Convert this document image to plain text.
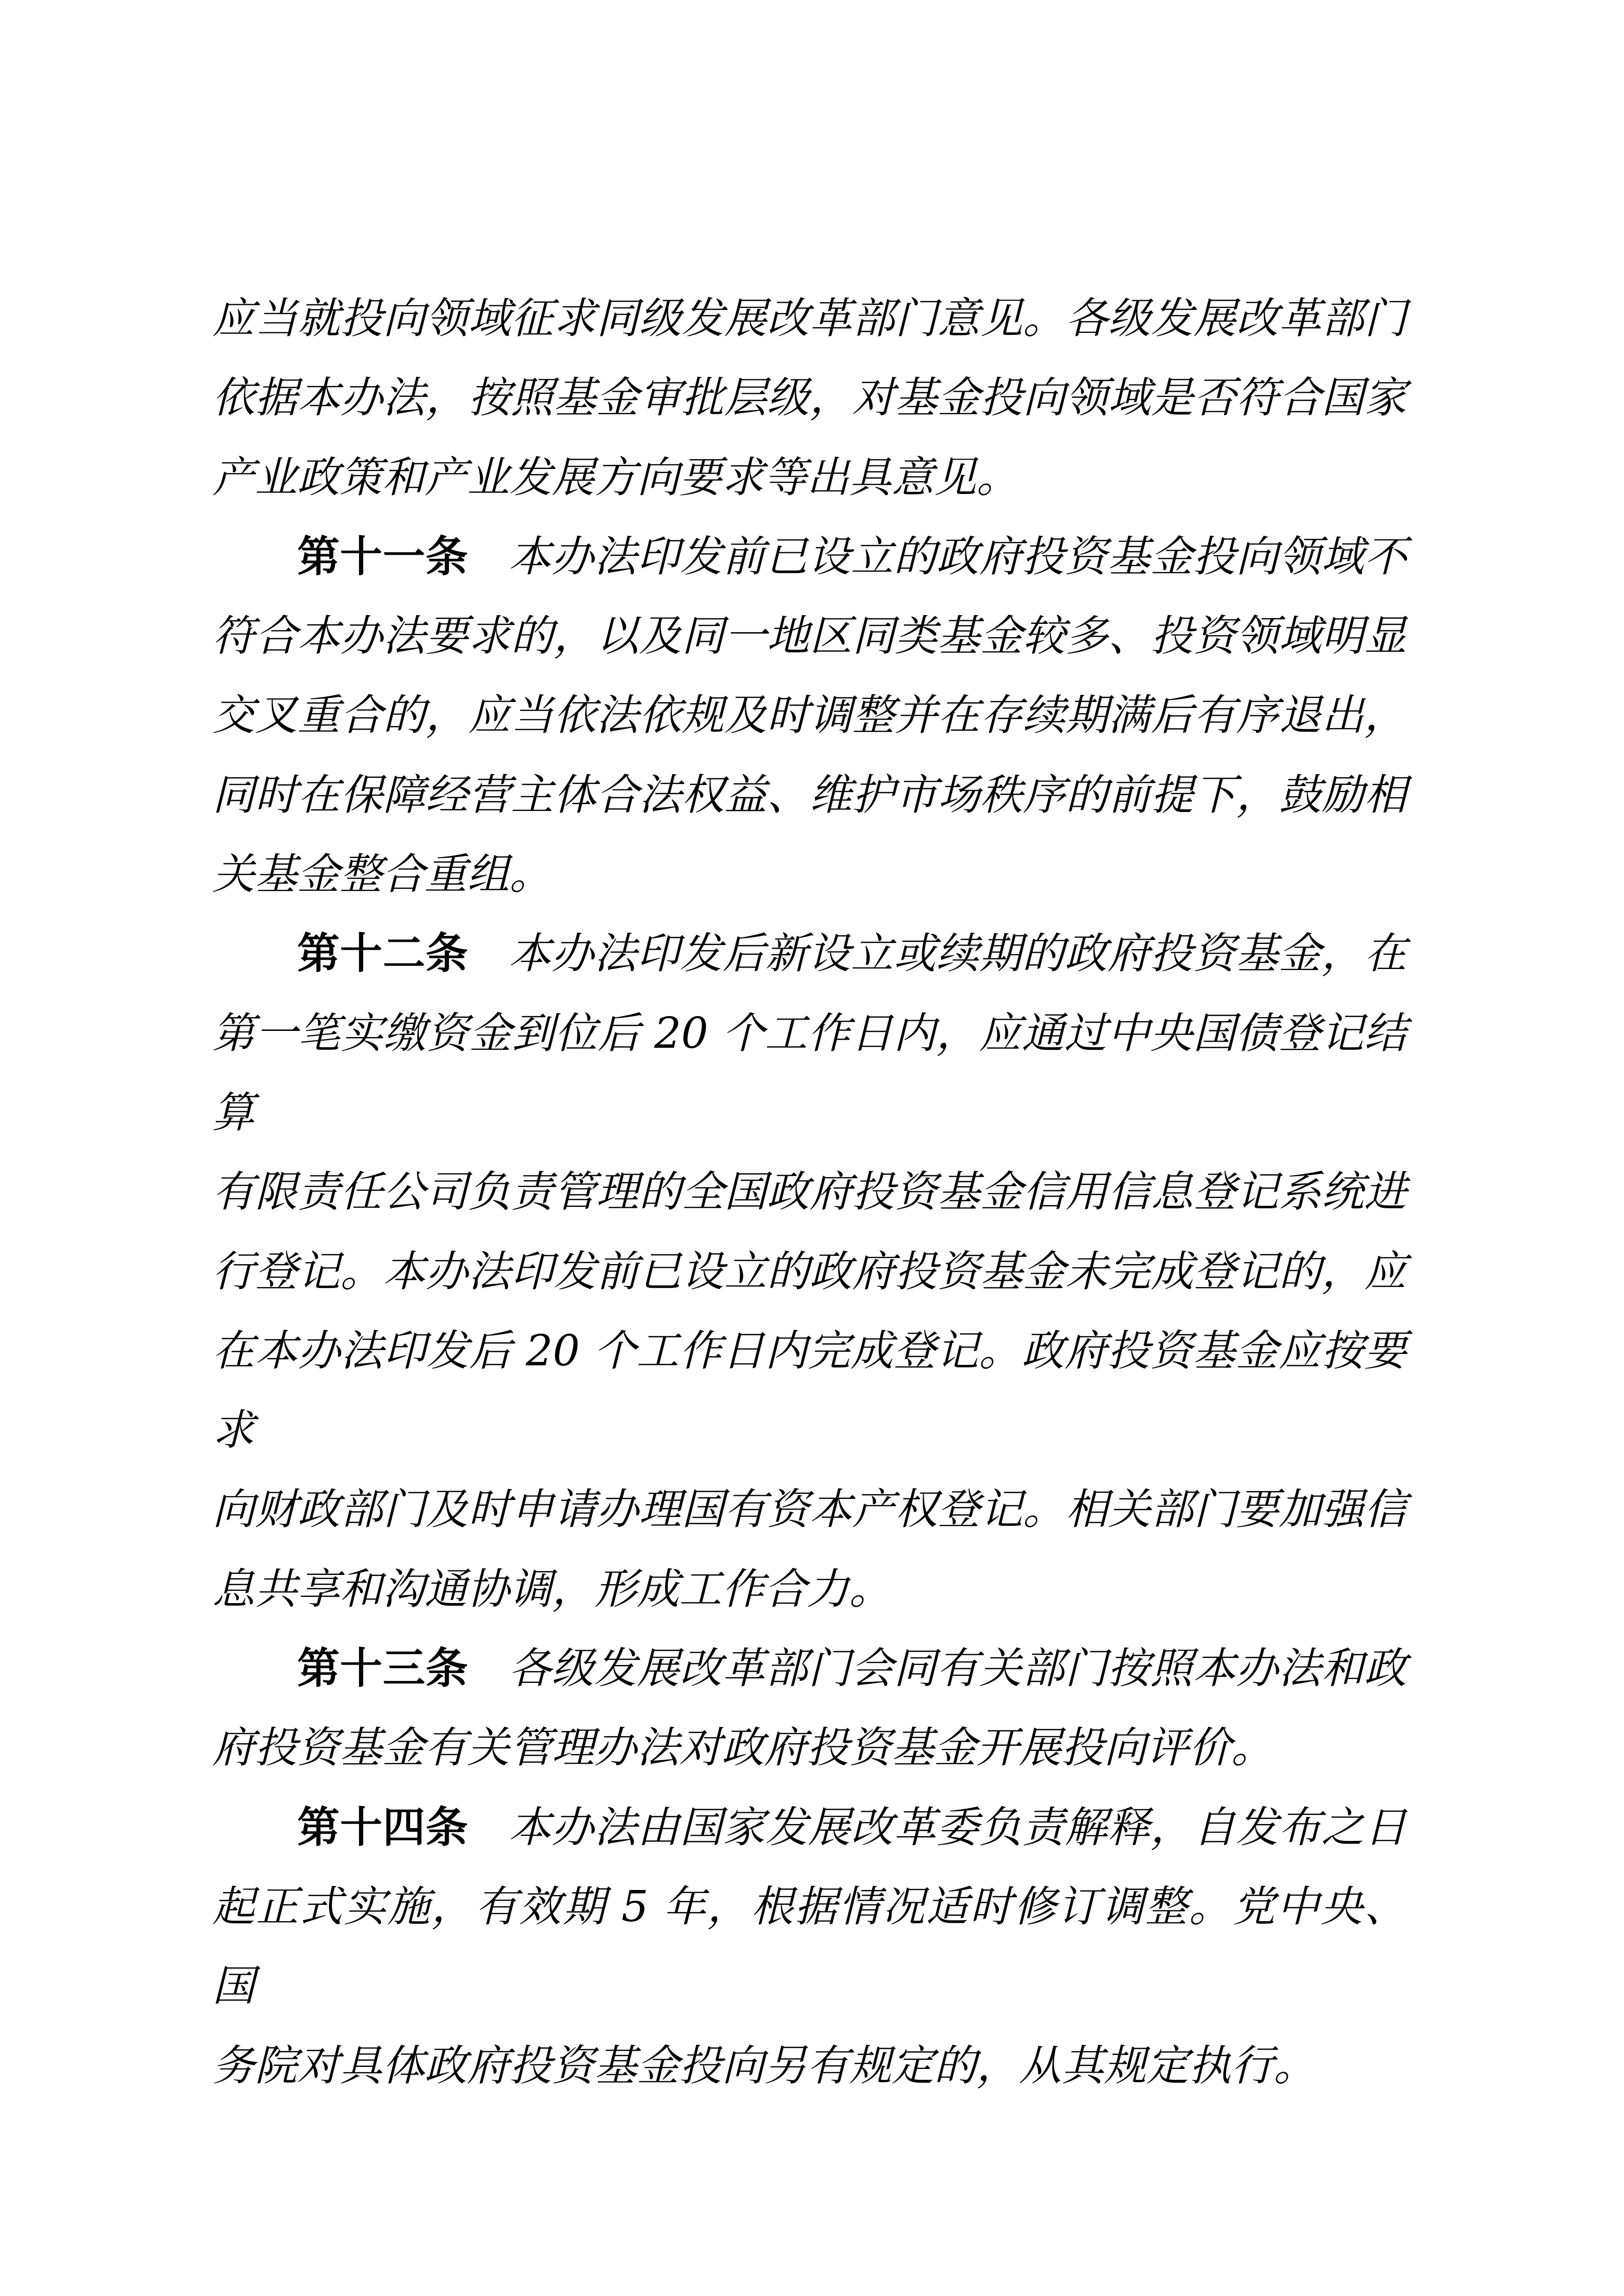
应当就投向领域征求同级发展改革部门意见。各级发展改革部门
依据本办法，按照基金审批层级，对基金投向领域是否符合国家
产业政策和产业发展方向要求等出具意见。
第十一条 本办法印发前已设立的政府投资基金投向领域不
符合本办法要求的，以及同一地区同类基金较多、投资领域明显
交叉重合的，应当依法依规及时调整并在存续期满后有序退出，
同时在保障经营主体合法权益、维护市场秩序的前提下，鼓励相
关基金整合重组。
第十二条 本办法印发后新设立或续期的政府投资基金，在
第一笔实缴资金到位后 20 个工作日内，应通过中央国债登记结算
有限责任公司负责管理的全国政府投资基金信用信息登记系统进
行登记。本办法印发前已设立的政府投资基金未完成登记的，应
在本办法印发后 20 个工作日内完成登记。政府投资基金应按要求
向财政部门及时申请办理国有资本产权登记。相关部门要加强信
息共享和沟通协调，形成工作合力。
第十三条 各级发展改革部门会同有关部门按照本办法和政
府投资基金有关管理办法对政府投资基金开展投向评价。
第十四条 本办法由国家发展改革委负责解释，自发布之日
起正式实施，有效期 5 年，根据情况适时修订调整。党中央、国
务院对具体政府投资基金投向另有规定的，从其规定执行。
